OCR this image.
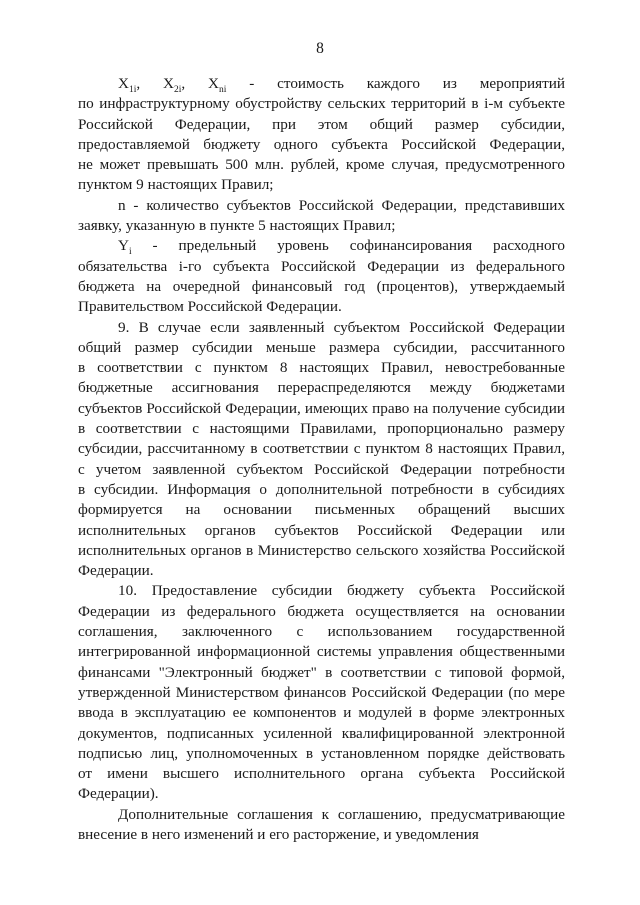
8
$X_{1i}$, $X_{2i}$, $X_{ni}$ - стоимость каждого из мероприятий
по инфраструктурному обустройству сельских территорий в i-м субъекте
Российской Федерации, при этом общий размер субсидии,
предоставляемой бюджету одного субъекта Российской Федерации,
не может превышать 500 млн. рублей, кроме случая, предусмотренного
пунктом 9 настоящих Правил;
n - количество субъектов Российской Федерации, представивших
заявку, указанную в пункте 5 настоящих Правил;
$Y_i$ - предельный уровень софинансирования расходного
обязательства i-го субъекта Российской Федерации из федерального
бюджета на очередной финансовый год (процентов), утверждаемый
Правительством Российской Федерации.
9. В случае если заявленный субъектом Российской Федерации
общий размер субсидии меньше размера субсидии, рассчитанного
в соответствии с пунктом 8 настоящих Правил, невостребованные
бюджетные ассигнования перераспределяются между бюджетами
субъектов Российской Федерации, имеющих право на получение субсидии
в соответствии с настоящими Правилами, пропорционально размеру
субсидии, рассчитанному в соответствии с пунктом 8 настоящих Правил,
с учетом заявленной субъектом Российской Федерации потребности
в субсидии. Информация о дополнительной потребности в субсидиях
формируется на основании письменных обращений высших
исполнительных органов субъектов Российской Федерации или
исполнительных органов в Министерство сельского хозяйства Российской
Федерации.
10. Предоставление субсидии бюджету субъекта Российской
Федерации из федерального бюджета осуществляется на основании
соглашения, заключенного с использованием государственной
интегрированной информационной системы управления общественными
финансами "Электронный бюджет" в соответствии с типовой формой,
утвержденной Министерством финансов Российской Федерации (по мере
ввода в эксплуатацию ее компонентов и модулей в форме электронных
документов, подписанных усиленной квалифицированной электронной
подписью лиц, уполномоченных в установленном порядке действовать
от имени высшего исполнительного органа субъекта Российской
Федерации).
Дополнительные соглашения к соглашению, предусматривающие
внесение в него изменений и его расторжение, и уведомления
